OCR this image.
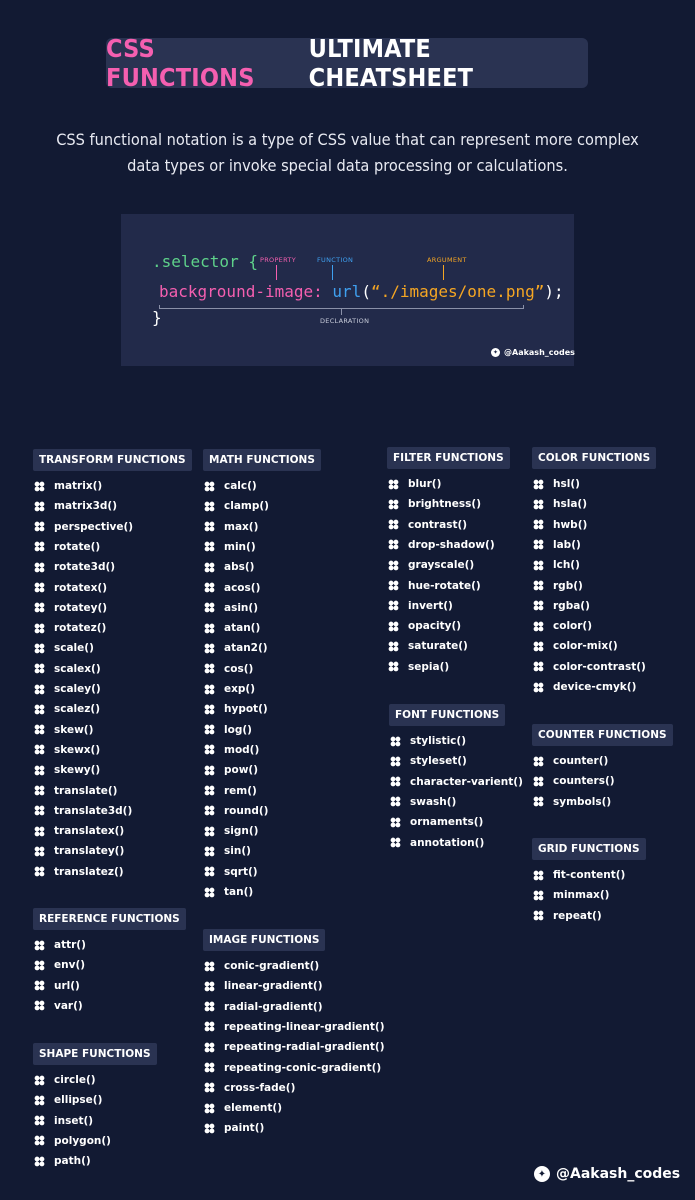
CSS FUNCTIONS
ULTIMATE CHEATSHEET
CSS functional notation is a type of CSS value that can represent more complex data types or invoke special data processing or calculations.
.selector {
background-image: url(“./images/one.png”);
}
PROPERTY	FUNCTION	ARGUMENT
DECLARATION
✦ @Aakash_codes
TRANSFORM FUNCTIONS
matrix()
matrix3d()
perspective()
rotate()
rotate3d()
rotatex()
rotatey()
rotatez()
scale()
scalex()
scaley()
scalez()
skew()
skewx()
skewy()
translate()
translate3d()
translatex()
translatey()
translatez()
REFERENCE FUNCTIONS
attr()
env()
url()
var()
SHAPE FUNCTIONS
circle()
ellipse()
inset()
polygon()
path()
MATH FUNCTIONS
calc()
clamp()
max()
min()
abs()
acos()
asin()
atan()
atan2()
cos()
exp()
hypot()
log()
mod()
pow()
rem()
round()
sign()
sin()
sqrt()
tan()
IMAGE FUNCTIONS
conic-gradient()
linear-gradient()
radial-gradient()
repeating-linear-gradient()
repeating-radial-gradient()
repeating-conic-gradient()
cross-fade()
element()
paint()
FILTER FUNCTIONS
blur()
brightness()
contrast()
drop-shadow()
grayscale()
hue-rotate()
invert()
opacity()
saturate()
sepia()
FONT FUNCTIONS
stylistic()
styleset()
character-varient()
swash()
ornaments()
annotation()
COLOR FUNCTIONS
hsl()
hsla()
hwb()
lab()
lch()
rgb()
rgba()
color()
color-mix()
color-contrast()
device-cmyk()
COUNTER FUNCTIONS
counter()
counters()
symbols()
GRID FUNCTIONS
fit-content()
minmax()
repeat()
✦ @Aakash_codes
